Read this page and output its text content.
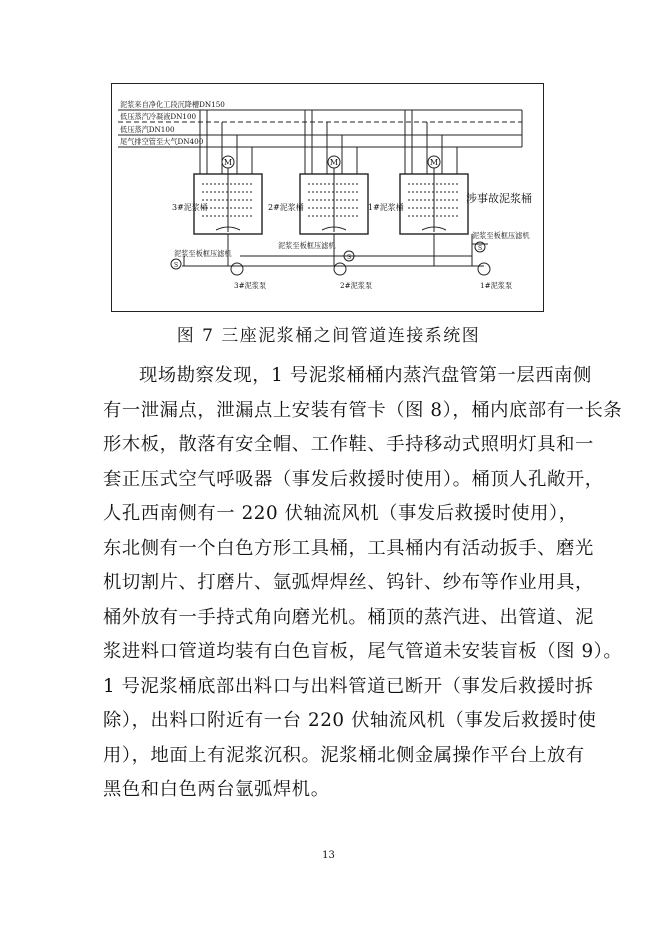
泥浆来自净化工段沉降槽DN150
低压蒸汽冷凝液DN100
低压蒸汽DN100
尾气排空管至大气DN400
M
3#泥浆桶
M
2#泥浆桶
M
1#泥浆桶
涉事故泥浆桶
S
S
S
泥浆至板框压滤机
泥浆至板框压滤机
泥浆至板框压滤机
3#泥浆泵	2#泥浆泵	1#泥浆泵
图 7 三座泥浆桶之间管道连接系统图
现场勘察发现，1 号泥浆桶桶内蒸汽盘管第一层西南侧
有一泄漏点，泄漏点上安装有管卡（图 8），桶内底部有一长条
形木板，散落有安全帽、工作鞋、手持移动式照明灯具和一
套正压式空气呼吸器（事发后救援时使用）。桶顶人孔敞开，
人孔西南侧有一 220 伏轴流风机（事发后救援时使用），
东北侧有一个白色方形工具桶，工具桶内有活动扳手、磨光
机切割片、打磨片、氩弧焊焊丝、钨针、纱布等作业用具，
桶外放有一手持式角向磨光机。桶顶的蒸汽进、出管道、泥
浆进料口管道均装有白色盲板，尾气管道未安装盲板（图 9）。
1 号泥浆桶底部出料口与出料管道已断开（事发后救援时拆
除），出料口附近有一台 220 伏轴流风机（事发后救援时使
用），地面上有泥浆沉积。泥浆桶北侧金属操作平台上放有
黑色和白色两台氩弧焊机。
13
